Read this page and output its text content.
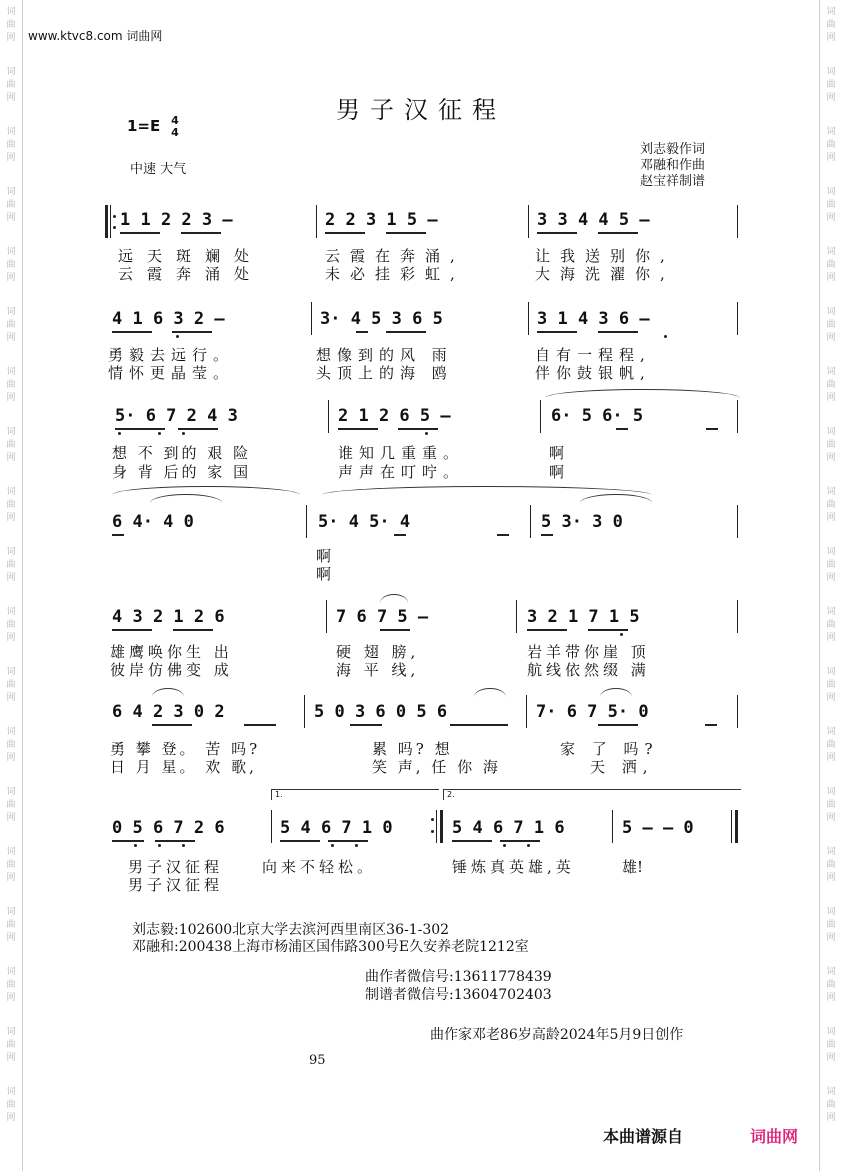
词
曲
网
词
曲
网
词
曲
网
词
曲
网
词
曲
网
词
曲
网
词
曲
网
词
曲
网
词
曲
网
词
曲
网
词
曲
网
词
曲
网
词
曲
网
词
曲
网
词
曲
网
词
曲
网
词
曲
网
词
曲
网
词
曲
网
词
曲
网
词
曲
网
词
曲
网
词
曲
网
词
曲
网
词
曲
网
词
曲
网
词
曲
网
词
曲
网
词
曲
网
词
曲
网
词
曲
网
词
曲
网
词
曲
网
词
曲
网
词
曲
网
词
曲
网
词
曲
网
词
曲
网
www.ktvc8.com 词曲网
男子汉征程
1=E 4
4
中速 大气
刘志毅作词
邓融和作曲
赵宝祥制谱
1 1 2 2 3 –	2 2 3 1 5 –	3 3 4 4 5 –
远天斑斓处	云霞在奔涌,	让我送别你,
云霞奔涌处	未必挂彩虹,	大海洗濯你,
4 1 6 3 2 –	3· 4 5 3 6 5	3 1 4 3 6 –
勇毅去远行。	想像到的风 雨	自有一程程,
情怀更晶莹。	头顶上的海 鸥	伴你鼓银帆,
5· 6 7 2 4 3	2 1 2 6 5 –	6· 5 6· 5
想 不 到的 艰 险	谁知几重重。	啊
身 背 后的 家 国	声声在叮咛。	啊
6 4· 4 0	5· 4 5· 4	5 3· 3 0
啊
啊
4 3 2 1 2 6	7 6 7 5 –	3 2 1 7 1 5
雄鹰唤你生 出	硬 翅 膀,	岩羊带你崖 顶
彼岸仿佛变 成	海 平 线,	航线依然缀 满
6 4 2 3 0 2	5 0 3 6 0 5 6	7· 6 7 5· 0
勇 攀 登。 苦 吗?	累 吗? 想	家 了 吗?
日 月 星。 欢 歌,	笑 声, 任 你 海	天 洒,
1.	2.
0 5 6 7 2 6	5 4 6 7 1 0	5 4 6 7 1 6	5 – – 0
男子汉征程	向来不轻松。	锤炼真英雄,英	雄!
男子汉征程
刘志毅:102600北京大学去滨河西里南区36-1-302
邓融和:200438上海市杨浦区国伟路300号E久安养老院1212室
曲作者微信号:13611778439
制谱者微信号:13604702403
曲作家邓老86岁高龄2024年5月9日创作
95
本曲谱源自	词曲网
